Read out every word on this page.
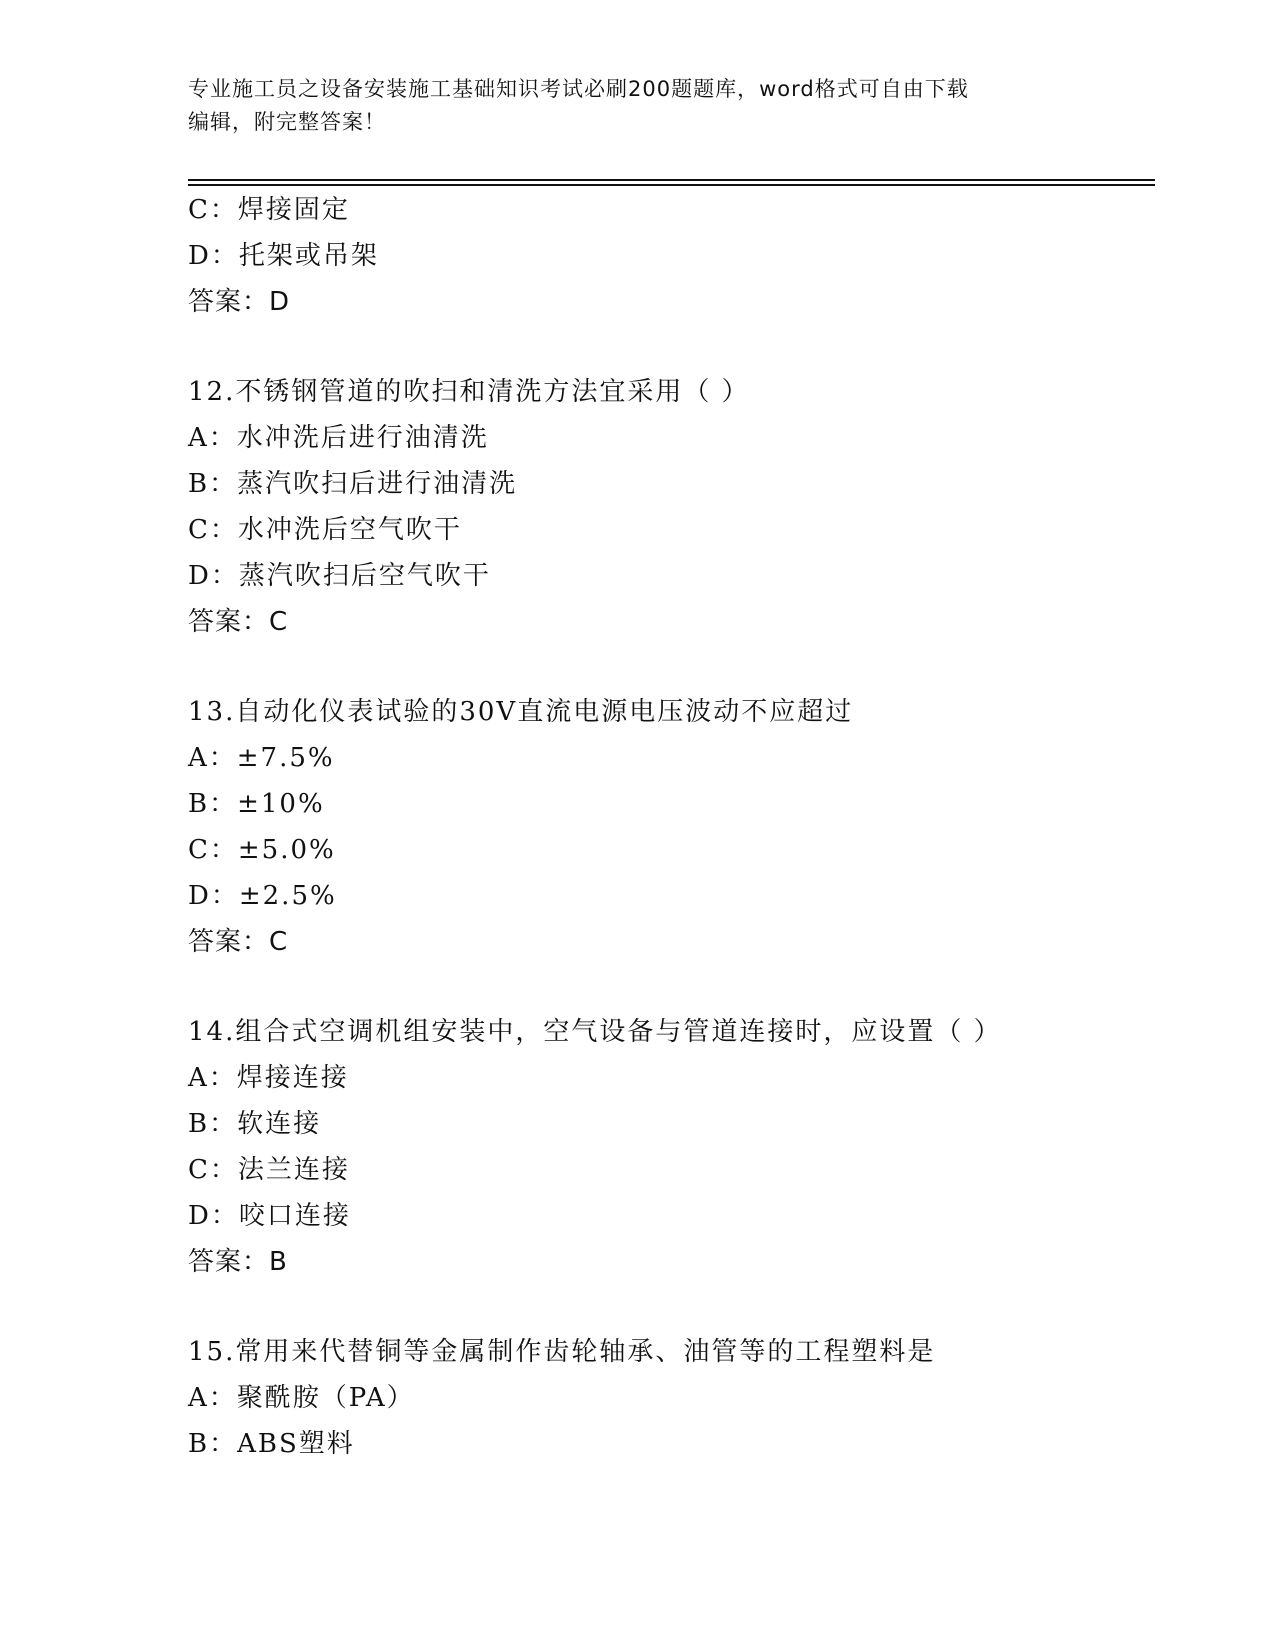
专业施工员之设备安装施工基础知识考试必刷200题题库，word格式可自由下载
编辑，附完整答案！
C：焊接固定
D：托架或吊架
答案：D
12.不锈钢管道的吹扫和清洗方法宜采用（ ）
A：水冲洗后进行油清洗
B：蒸汽吹扫后进行油清洗
C：水冲洗后空气吹干
D：蒸汽吹扫后空气吹干
答案：C
13.自动化仪表试验的30V直流电源电压波动不应超过
A：±7.5%
B：±10%
C：±5.0%
D：±2.5%
答案：C
14.组合式空调机组安装中，空气设备与管道连接时，应设置（ ）
A：焊接连接
B：软连接
C：法兰连接
D：咬口连接
答案：B
15.常用来代替铜等金属制作齿轮轴承、油管等的工程塑料是
A：聚酰胺（PA）
B：ABS塑料
